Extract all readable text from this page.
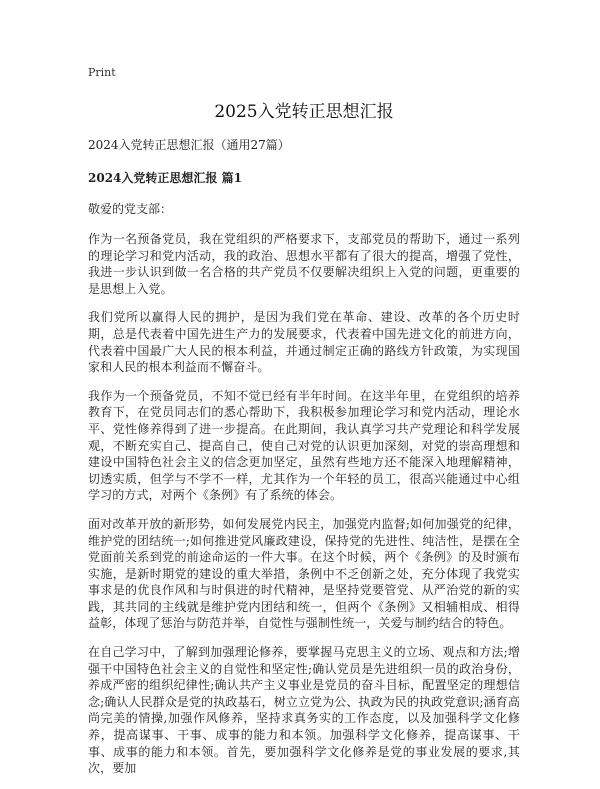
Print
2025入党转正思想汇报
2024入党转正思想汇报（通用27篇）
2024入党转正思想汇报 篇1
敬爱的党支部：

作为一名预备党员，我在党组织的严格要求下，支部党员的帮助下，通过一系列的理论学习和党内活动，我的政治、思想水平都有了很大的提高，增强了党性，我进一步认识到做一名合格的共产党员不仅要解决组织上入党的问题，更重要的是思想上入党。

我们党所以赢得人民的拥护，是因为我们党在革命、建设、改革的各个历史时期，总是代表着中国先进生产力的发展要求，代表着中国先进文化的前进方向，代表着中国最广大人民的根本利益，并通过制定正确的路线方针政策，为实现国家和人民的根本利益而不懈奋斗。

我作为一个预备党员，不知不觉已经有半年时间。在这半年里，在党组织的培养教育下，在党员同志们的悉心帮助下，我积极参加理论学习和党内活动，理论水平、党性修养得到了进一步提高。在此期间，我认真学习共产党理论和科学发展观，不断充实自己、提高自己，使自己对党的认识更加深刻，对党的崇高理想和建设中国特色社会主义的信念更加坚定，虽然有些地方还不能深入地理解精神，切透实质，但学与不学不一样，尤其作为一个年轻的员工，很高兴能通过中心组学习的方式，对两个《条例》有了系统的体会。

面对改革开放的新形势，如何发展党内民主，加强党内监督;如何加强党的纪律，维护党的团结统一;如何推进党风廉政建设，保持党的先进性、纯洁性，是摆在全党面前关系到党的前途命运的一件大事。在这个时候，两个《条例》的及时颁布实施，是新时期党的建设的重大举措，条例中不乏创新之处，充分体现了我党实事求是的优良作风和与时俱进的时代精神，是坚持党要管党、从严治党的新的实践，其共同的主线就是维护党内团结和统一，但两个《条例》又相辅相成、相得益彰，体现了惩治与防范并举，自觉性与强制性统一，关爱与制约结合的特色。

在自己学习中，了解到加强理论修养，要掌握马克思主义的立场、观点和方法;增强干中国特色社会主义的自觉性和坚定性;确认党员是先进组织一员的政治身份，养成严密的组织纪律性;确认共产主义事业是党员的奋斗目标，配置坚定的理想信念;确认人民群众是党的执政基石，树立立党为公、执政为民的执政党意识;涵育高尚完美的情操,加强作风修养，坚持求真务实的工作态度，以及加强科学文化修养，提高谋事、干事、成事的能力和本领。加强科学文化修养，提高谋事、干事、成事的能力和本领。首先，要加强科学文化修养是党的事业发展的要求,其次，要加
